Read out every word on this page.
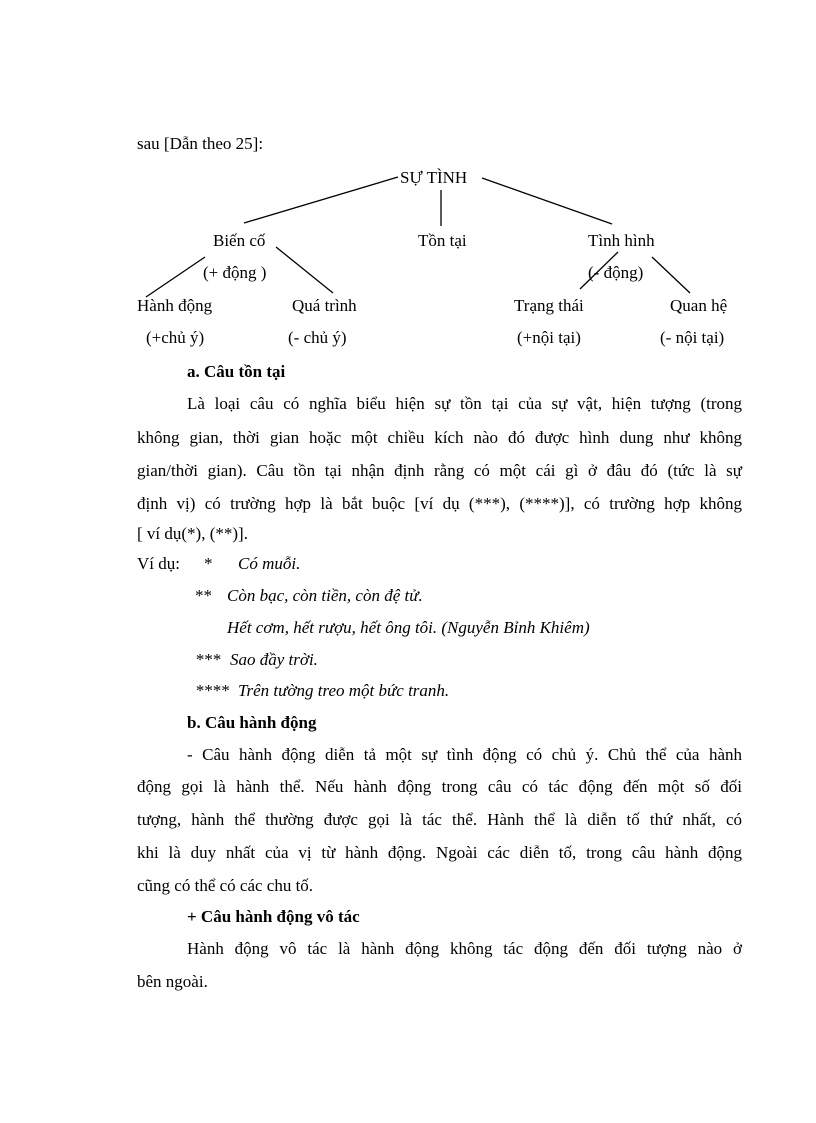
sau [Dẫn theo 25]:
SỰ TÌNH
Biến cố	Tồn tại	Tình hình
(+ động )	(- động)
Hành động	Quá trình	Trạng thái	Quan hệ
(+chủ ý)	(- chủ ý)	(+nội tại)	(- nội tại)
a. Câu tồn tại
Là loại câu có nghĩa biểu hiện sự tồn tại của sự vật, hiện tượng (trong
không gian, thời gian hoặc một chiều kích nào đó được hình dung như không
gian/thời gian). Câu tồn tại nhận định rằng có một cái gì ở đâu đó (tức là sự
định vị) có trường hợp là bắt buộc [ví dụ (***), (****)], có trường hợp không
[ ví dụ(*), (**)].
Ví dụ: * Có muỗi.
** Còn bạc, còn tiền, còn đệ tử.
Hết cơm, hết rượu, hết ông tôi. (Nguyễn Bỉnh Khiêm)
*** Sao đầy trời.
**** Trên tường treo một bức tranh.
b. Câu hành động
- Câu hành động diễn tả một sự tình động có chủ ý. Chủ thể của hành
động gọi là hành thể. Nếu hành động trong câu có tác động đến một số đối
tượng, hành thể thường được gọi là tác thể. Hành thể là diễn tố thứ nhất, có
khi là duy nhất của vị từ hành động. Ngoài các diễn tố, trong câu hành động
cũng có thể có các chu tố.
+ Câu hành động vô tác
Hành động vô tác là hành động không tác động đến đối tượng nào ở
bên ngoài.
